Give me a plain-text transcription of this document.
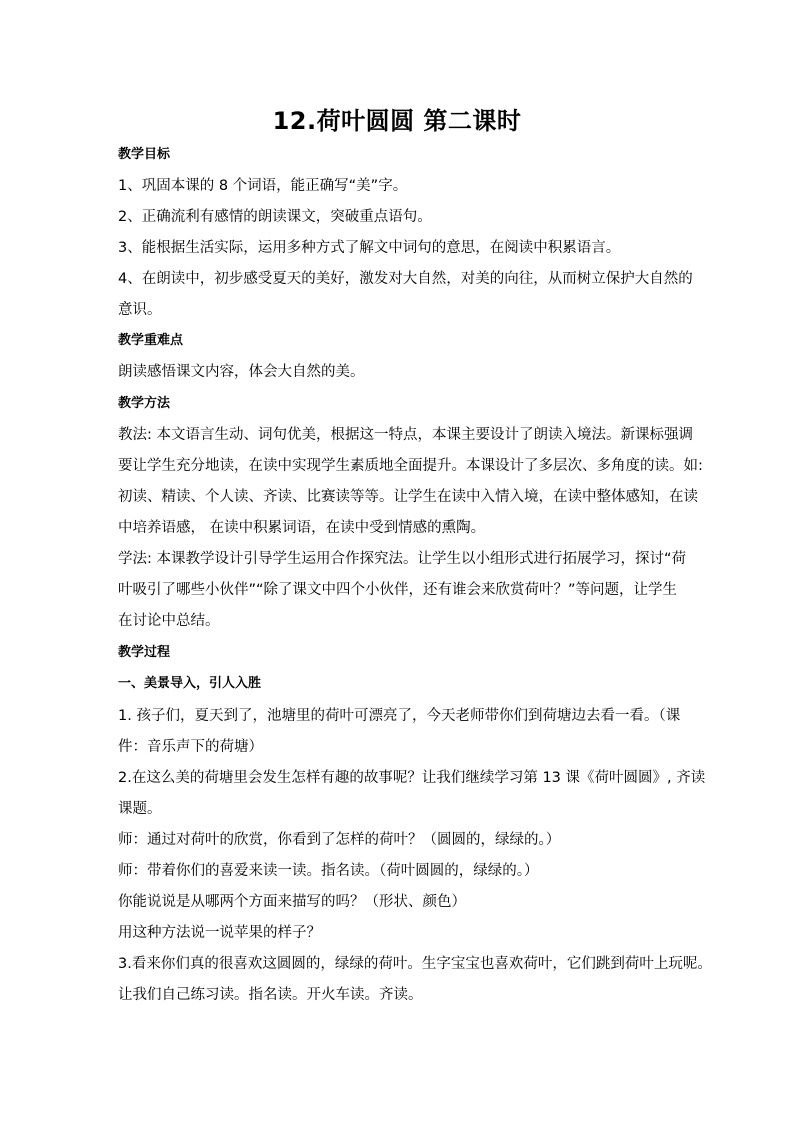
12.荷叶圆圆 第二课时

教学目标

1、巩固本课的 8 个词语，能正确写“美”字。

2、正确流利有感情的朗读课文，突破重点语句。

3、能根据生活实际，运用多种方式了解文中词句的意思，在阅读中积累语言。

4、在朗读中，初步感受夏天的美好，激发对大自然，对美的向往，从而树立保护大自然的

意识。

教学重难点

朗读感悟课文内容，体会大自然的美。

教学方法

教法: 本文语言生动、词句优美，根据这一特点，本课主要设计了朗读入境法。新课标强调

要让学生充分地读，在读中实现学生素质地全面提升。本课设计了多层次、多角度的读。如:

初读、精读、个人读、齐读、比赛读等等。让学生在读中入情入境，在读中整体感知，在读

中培养语感， 在读中积累词语，在读中受到情感的熏陶。

学法: 本课教学设计引导学生运用合作探究法。让学生以小组形式进行拓展学习，探讨“荷

叶吸引了哪些小伙伴”“除了课文中四个小伙伴，还有谁会来欣赏荷叶？”等问题，让学生

在讨论中总结。

教学过程

一、美景导入，引人入胜

1. 孩子们，夏天到了，池塘里的荷叶可漂亮了，今天老师带你们到荷塘边去看一看。（课

件：音乐声下的荷塘）

2.在这么美的荷塘里会发生怎样有趣的故事呢？让我们继续学习第 13 课《荷叶圆圆》, 齐读

课题。

师：通过对荷叶的欣赏，你看到了怎样的荷叶？（圆圆的，绿绿的。）

师：带着你们的喜爱来读一读。指名读。（荷叶圆圆的，绿绿的。）

你能说说是从哪两个方面来描写的吗？（形状、颜色）

用这种方法说一说苹果的样子？

3.看来你们真的很喜欢这圆圆的，绿绿的荷叶。生字宝宝也喜欢荷叶，它们跳到荷叶上玩呢。

让我们自己练习读。指名读。开火车读。齐读。
